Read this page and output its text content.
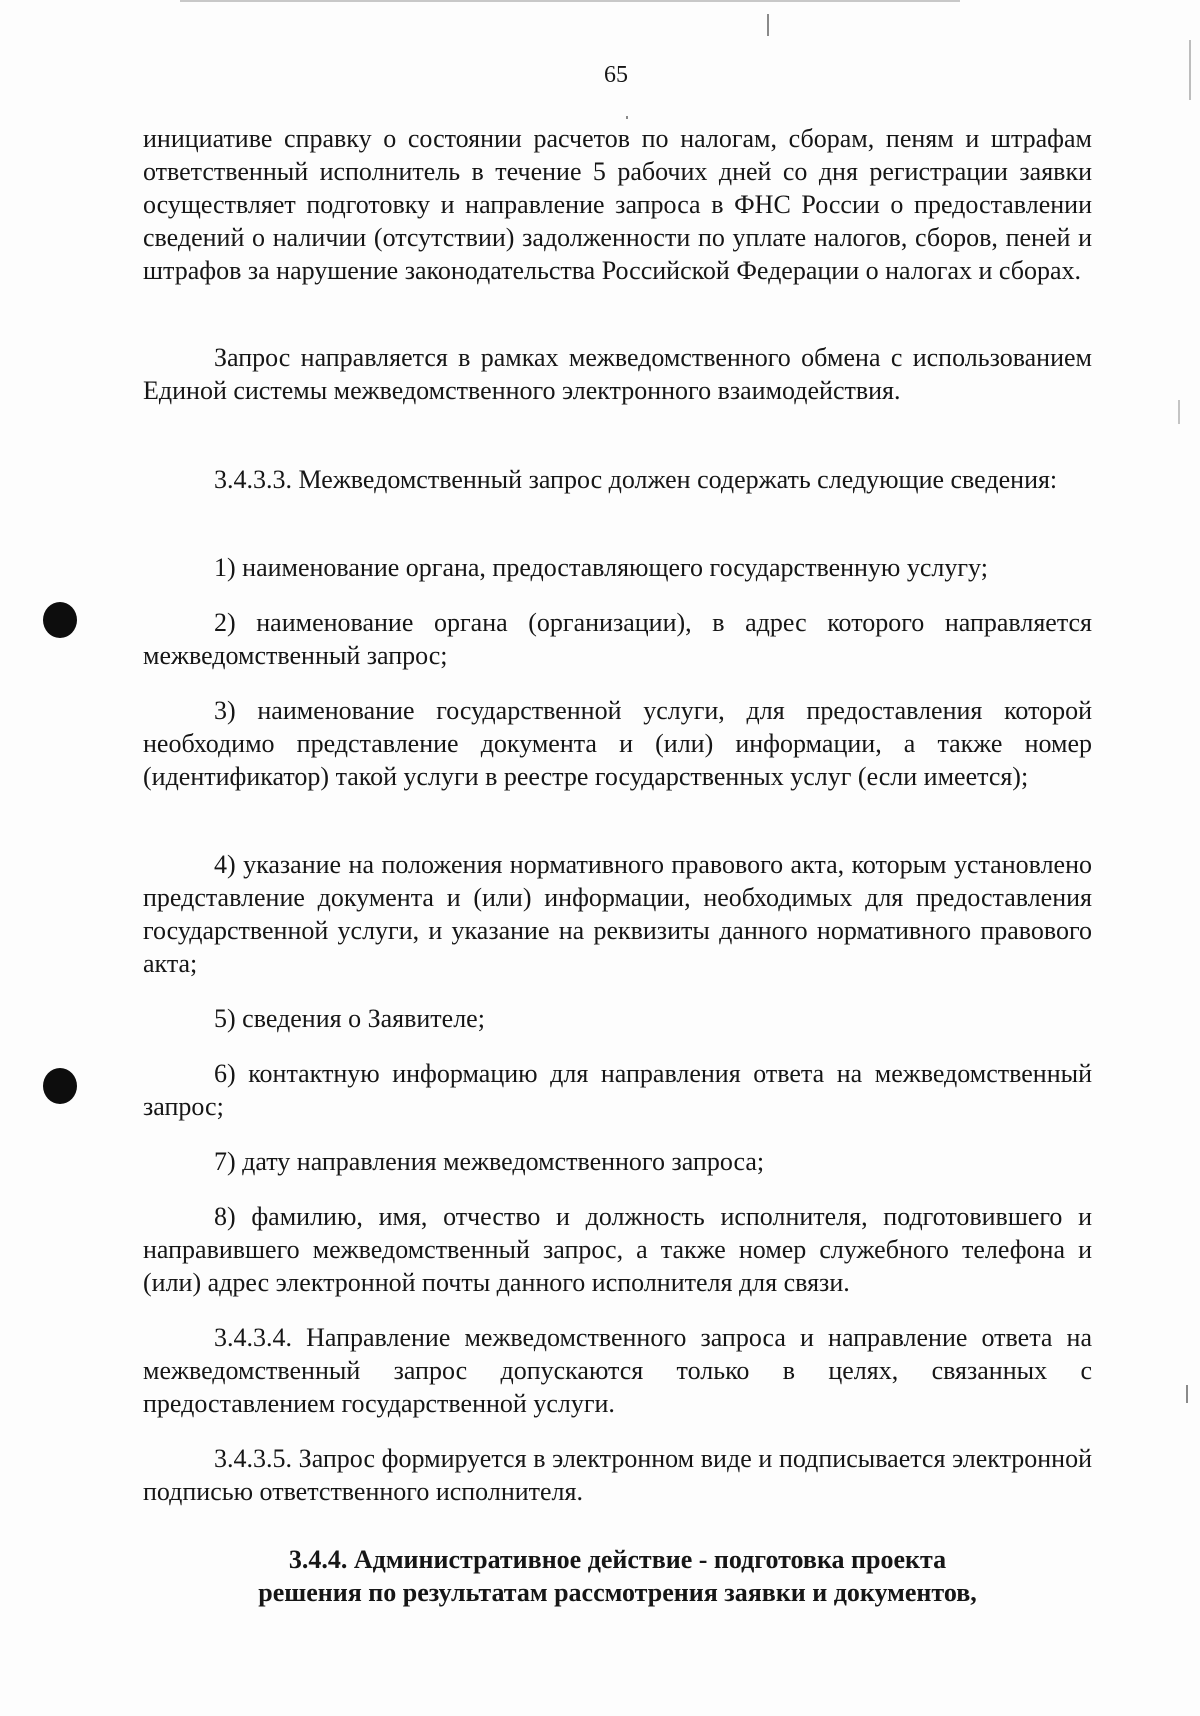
65

инициативе справку о состоянии расчетов по налогам, сборам, пеням и штрафам ответственный исполнитель в течение 5 рабочих дней со дня регистрации заявки осуществляет подготовку и направление запроса в ФНС России о предоставлении сведений о наличии (отсутствии) задолженности по уплате налогов, сборов, пеней и штрафов за нарушение законодательства Российской Федерации о налогах и сборах.

Запрос направляется в рамках межведомственного обмена с использованием Единой системы межведомственного электронного взаимодействия.

3.4.3.3. Межведомственный запрос должен содержать следующие сведения:

1) наименование органа, предоставляющего государственную услугу;

2) наименование органа (организации), в адрес которого направляется межведомственный запрос;

3) наименование государственной услуги, для предоставления которой необходимо представление документа и (или) информации, а также номер (идентификатор) такой услуги в реестре государственных услуг (если имеется);

4) указание на положения нормативного правового акта, которым установлено представление документа и (или) информации, необходимых для предоставления государственной услуги, и указание на реквизиты данного нормативного правового акта;

5) сведения о Заявителе;

6) контактную информацию для направления ответа на межведомственный запрос;

7) дату направления межведомственного запроса;

8) фамилию, имя, отчество и должность исполнителя, подготовившего и направившего межведомственный запрос, а также номер служебного телефона и (или) адрес электронной почты данного исполнителя для связи.

3.4.3.4. Направление межведомственного запроса и направление ответа на межведомственный запрос допускаются только в целях, связанных с предоставлением государственной услуги.

3.4.3.5. Запрос формируется в электронном виде и подписывается электронной подписью ответственного исполнителя.

3.4.4. Административное действие - подготовка проекта
решения по результатам рассмотрения заявки и документов,
